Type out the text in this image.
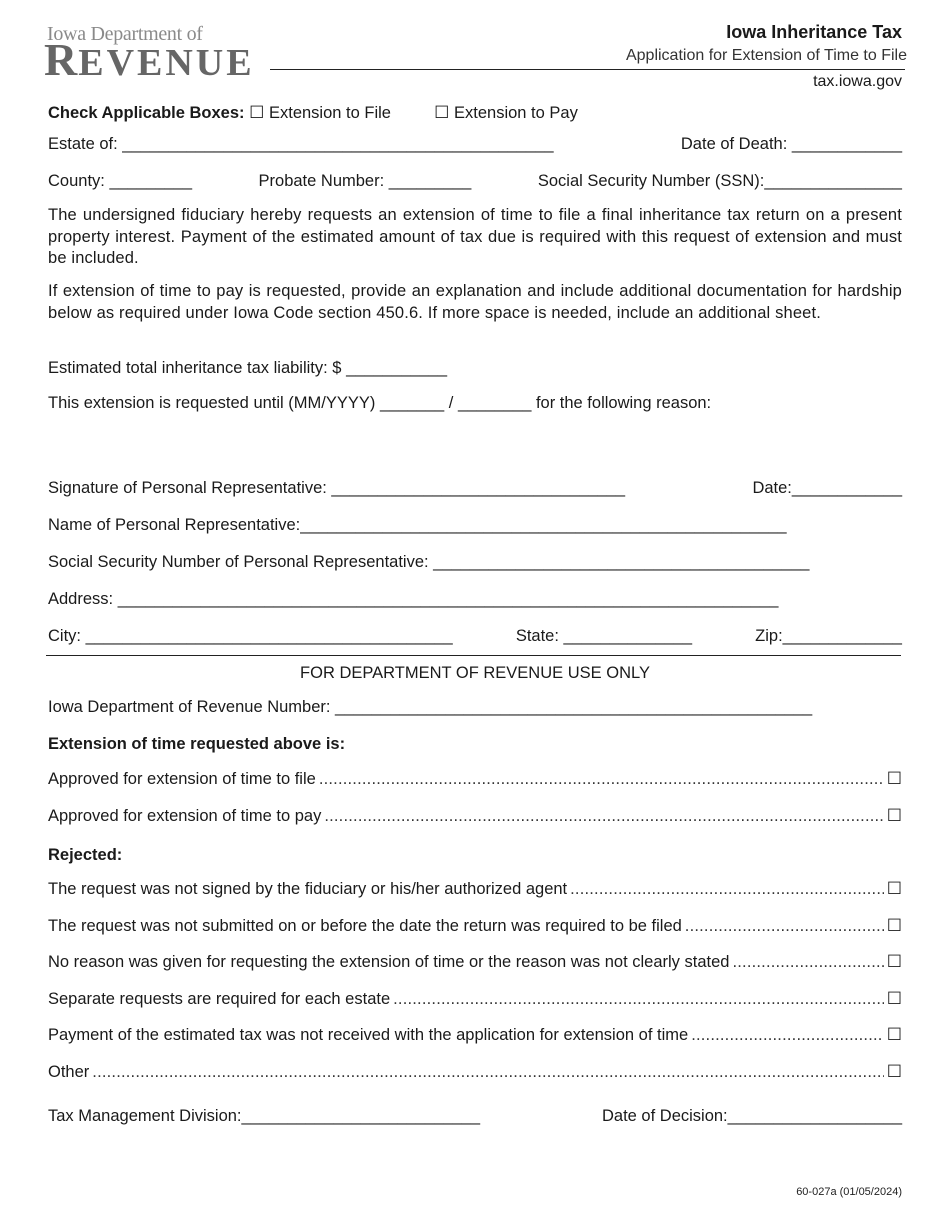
Iowa Department of
REVENUE
Iowa Inheritance Tax
Application for Extension of Time to File
tax.iowa.gov
Check Applicable Boxes: ☐ Extension to File	☐ Extension to Pay
Estate of: _______________________________________________	Date of Death: ____________
County: _________	Probate Number: _________	Social Security Number (SSN):_______________
The undersigned fiduciary hereby requests an extension of time to file a final inheritance tax return on a present property interest. Payment of the estimated amount of tax due is required with this request of extension and must be included.
If extension of time to pay is requested, provide an explanation and include additional documentation for hardship below as required under Iowa Code section 450.6. If more space is needed, include an additional sheet.
Estimated total inheritance tax liability: $ ___________
This extension is requested until (MM/YYYY) _______ / ________ for the following reason:
Signature of Personal Representative: ________________________________	Date:____________
Name of Personal Representative:_____________________________________________________
Social Security Number of Personal Representative: _________________________________________
Address: ________________________________________________________________________
City: ________________________________________	State: ______________	Zip:_____________
FOR DEPARTMENT OF REVENUE USE ONLY
Iowa Department of Revenue Number: ____________________________________________________
Extension of time requested above is:
Approved for extension of time to file .....	☐
Approved for extension of time to pay .....	☐
Rejected:
The request was not signed by the fiduciary or his/her authorized agent .....	☐
The request was not submitted on or before the date the return was required to be filed .....	☐
No reason was given for requesting the extension of time or the reason was not clearly stated .....	☐
Separate requests are required for each estate .....	☐
Payment of the estimated tax was not received with the application for extension of time .....	☐
Other .....	☐
Tax Management Division:__________________________	Date of Decision:___________________
60-027a (01/05/2024)
